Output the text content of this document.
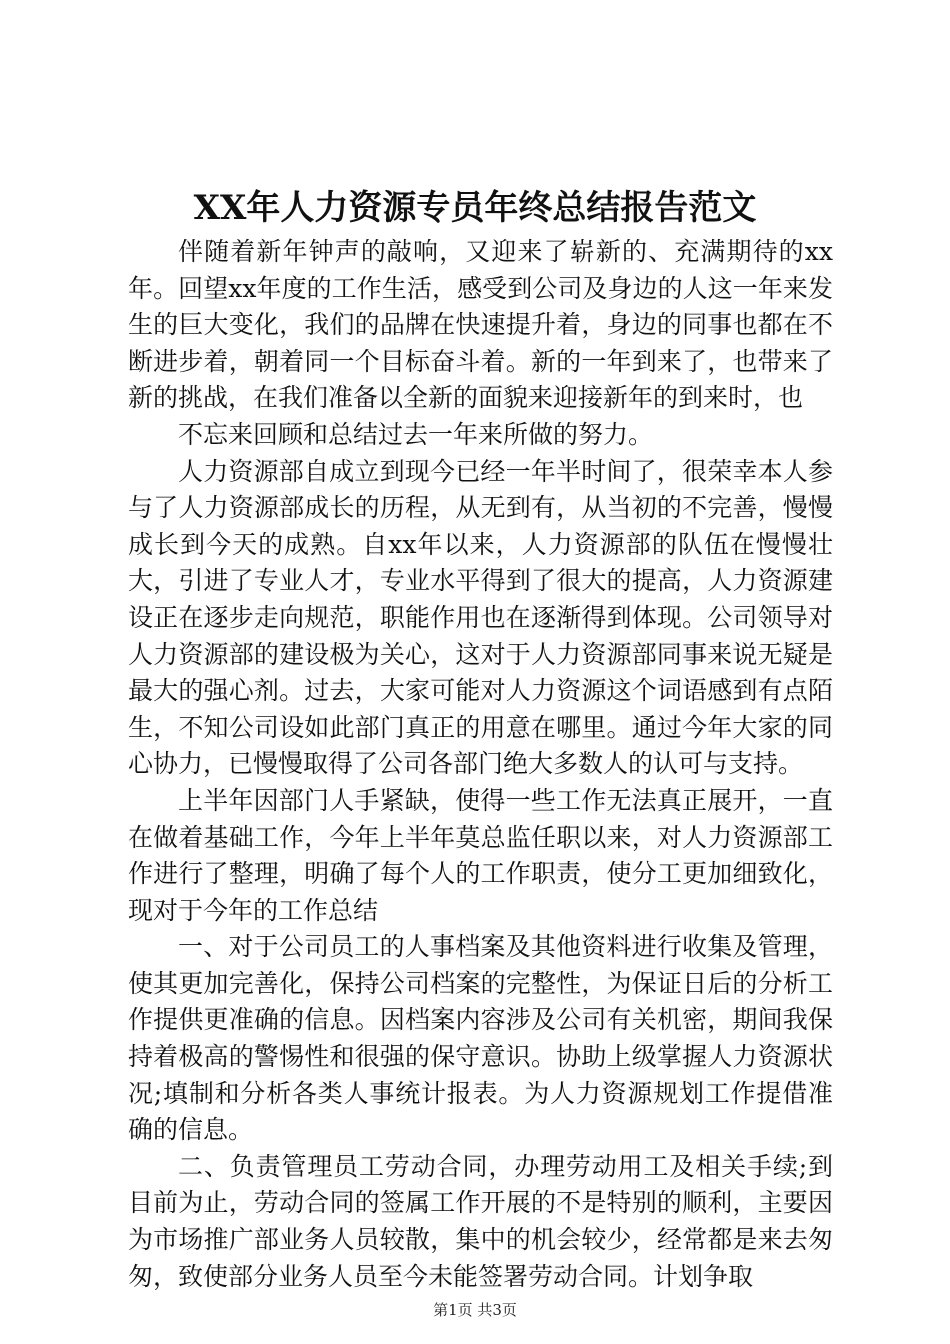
XX年人力资源专员年终总结报告范文

伴随着新年钟声的敲响，又迎来了崭新的、充满期待的xx年。回望xx年度的工作生活，感受到公司及身边的人这一年来发生的巨大变化，我们的品牌在快速提升着，身边的同事也都在不断进步着，朝着同一个目标奋斗着。新的一年到来了，也带来了新的挑战，在我们准备以全新的面貌来迎接新年的到来时，也

不忘来回顾和总结过去一年来所做的努力。

人力资源部自成立到现今已经一年半时间了，很荣幸本人参与了人力资源部成长的历程，从无到有，从当初的不完善，慢慢成长到今天的成熟。自xx年以来，人力资源部的队伍在慢慢壮大，引进了专业人才，专业水平得到了很大的提高，人力资源建设正在逐步走向规范，职能作用也在逐渐得到体现。公司领导对人力资源部的建设极为关心，这对于人力资源部同事来说无疑是最大的强心剂。过去，大家可能对人力资源这个词语感到有点陌生，不知公司设如此部门真正的用意在哪里。通过今年大家的同心协力，已慢慢取得了公司各部门绝大多数人的认可与支持。

上半年因部门人手紧缺，使得一些工作无法真正展开，一直在做着基础工作，今年上半年莫总监任职以来，对人力资源部工作进行了整理，明确了每个人的工作职责，使分工更加细致化，现对于今年的工作总结

一、对于公司员工的人事档案及其他资料进行收集及管理，使其更加完善化，保持公司档案的完整性，为保证日后的分析工作提供更准确的信息。因档案内容涉及公司有关机密，期间我保持着极高的警惕性和很强的保守意识。协助上级掌握人力资源状况;填制和分析各类人事统计报表。为人力资源规划工作提借准确的信息。

二、负责管理员工劳动合同，办理劳动用工及相关手续;到目前为止，劳动合同的签属工作开展的不是特别的顺利，主要因为市场推广部业务人员较散，集中的机会较少，经常都是来去匆匆，致使部分业务人员至今未能签署劳动合同。计划争取

第1页 共3页
